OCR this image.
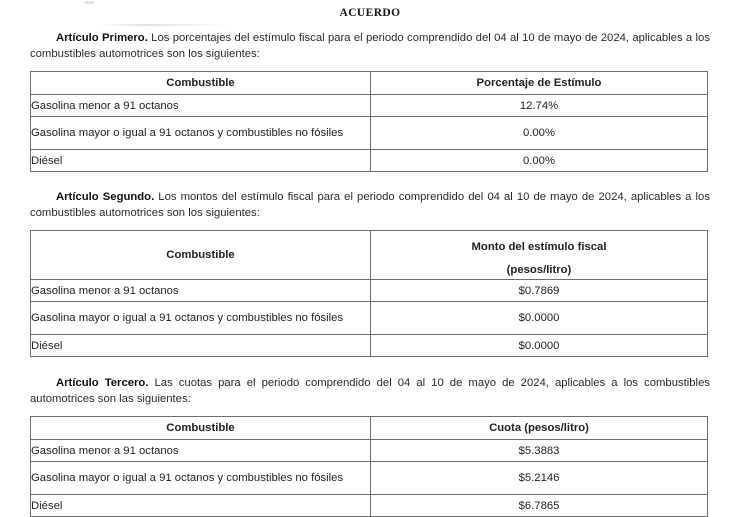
ACUERDO

Artículo Primero. Los porcentajes del estímulo fiscal para el periodo comprendido del 04 al 10 de mayo de 2024, aplicables a los combustibles automotrices son los siguientes:

Combustible	Porcentaje de Estímulo
Gasolina menor a 91 octanos	12.74%
Gasolina mayor o igual a 91 octanos y combustibles no fósiles	0.00%
Diésel	0.00%

Artículo Segundo. Los montos del estímulo fiscal para el periodo comprendido del 04 al 10 de mayo de 2024, aplicables a los combustibles automotrices son los siguientes:

Combustible	Monto del estímulo fiscal
(pesos/litro)

Gasolina menor a 91 octanos	$0.7869
Gasolina mayor o igual a 91 octanos y combustibles no fósiles	$0.0000
Diésel	$0.0000

Artículo Tercero. Las cuotas para el periodo comprendido del 04 al 10 de mayo de 2024, aplicables a los combustibles automotrices son las siguientes:

Combustible	Cuota (pesos/litro)
Gasolina menor a 91 octanos	$5.3883
Gasolina mayor o igual a 91 octanos y combustibles no fósiles	$5.2146
Diésel	$6.7865
